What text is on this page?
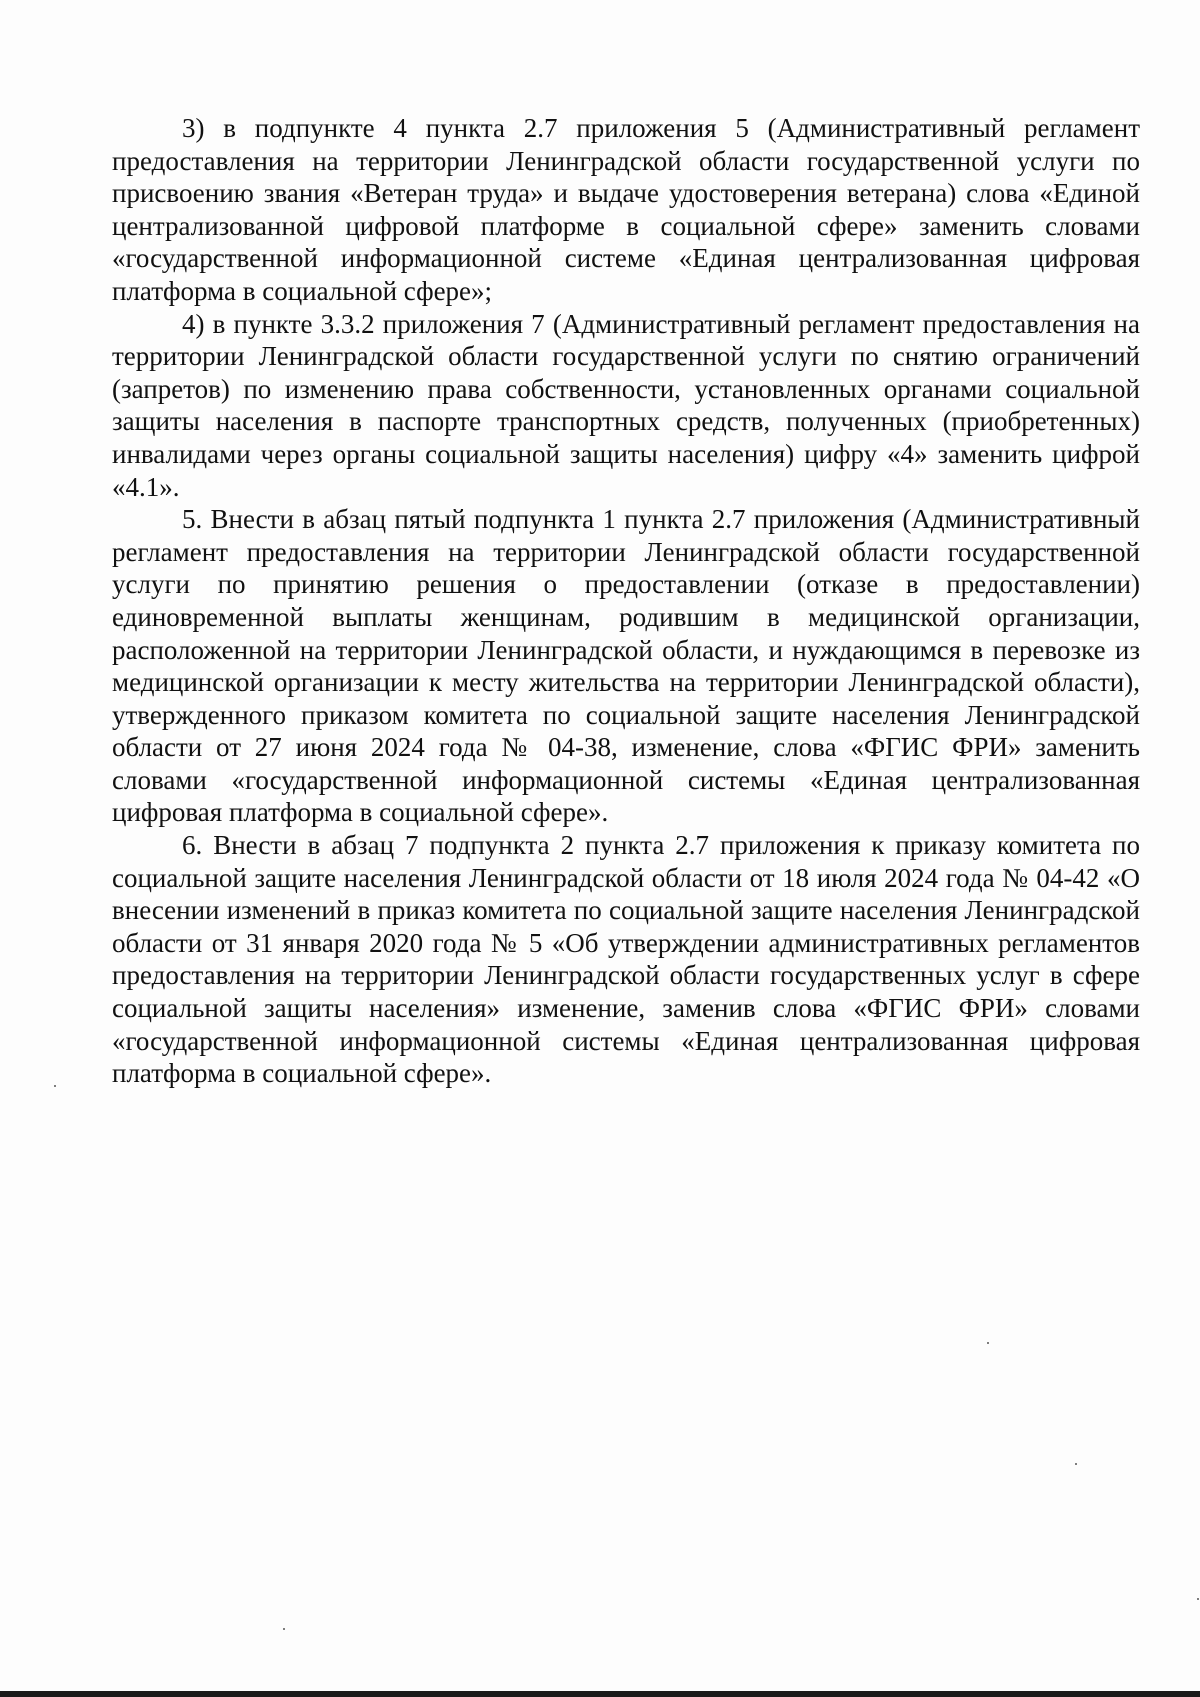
3) в подпункте 4 пункта 2.7 приложения 5 (Административный регламент предоставления на территории Ленинградской области государственной услуги по присвоению звания «Ветеран труда» и выдаче удостоверения ветерана) слова «Единой централизованной цифровой платформе в социальной сфере» заменить словами «государственной информационной системе «Единая централизованная цифровая платформа в социальной сфере»;

4) в пункте 3.3.2 приложения 7 (Административный регламент предоставления на территории Ленинградской области государственной услуги по снятию ограничений (запретов) по изменению права собственности, установленных органами социальной защиты населения в паспорте транспортных средств, полученных (приобретенных) инвалидами через органы социальной защиты населения) цифру «4» заменить цифрой «4.1».

5. Внести в абзац пятый подпункта 1 пункта 2.7 приложения (Административный регламент предоставления на территории Ленинградской области государственной услуги по принятию решения о предоставлении (отказе в предоставлении) единовременной выплаты женщинам, родившим в медицинской организации, расположенной на территории Ленинградской области, и нуждающимся в перевозке из медицинской организации к месту жительства на территории Ленинградской области), утвержденного приказом комитета по социальной защите населения Ленинградской области от 27 июня 2024 года № 04-38, изменение, слова «ФГИС ФРИ» заменить словами «государственной информационной системы «Единая централизованная цифровая платформа в социальной сфере».

6. Внести в абзац 7 подпункта 2 пункта 2.7 приложения к приказу комитета по социальной защите населения Ленинградской области от 18 июля 2024 года № 04-42 «О внесении изменений в приказ комитета по социальной защите населения Ленинградской области от 31 января 2020 года № 5 «Об утверждении административных регламентов предоставления на территории Ленинградской области государственных услуг в сфере социальной защиты населения» изменение, заменив слова «ФГИС ФРИ» словами «государственной информационной системы «Единая централизованная цифровая платформа в социальной сфере».
